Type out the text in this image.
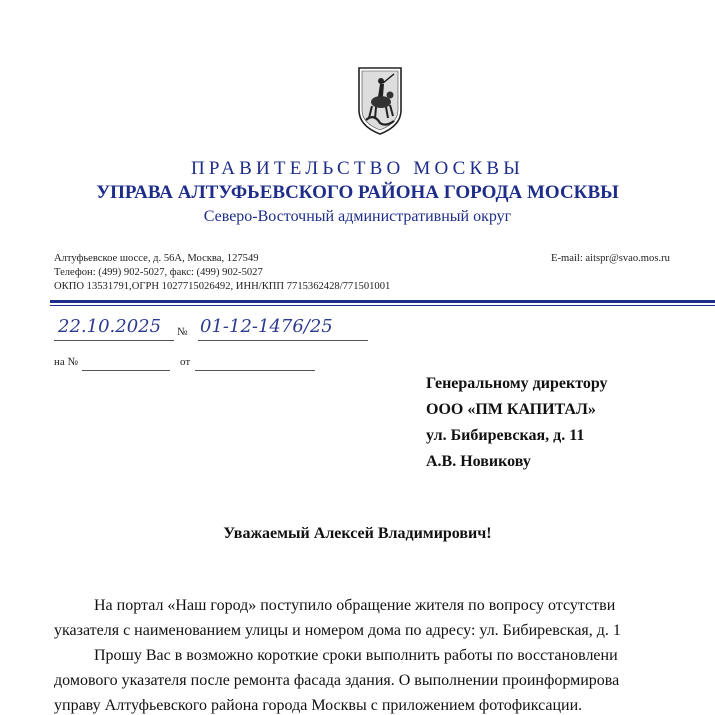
ПРАВИТЕЛЬСТВО МОСКВЫ
УПРАВА АЛТУФЬЕВСКОГО РАЙОНА ГОРОДА МОСКВЫ
Северо-Восточный административный округ
Алтуфьевское шоссе, д. 56А, Москва, 127549
Телефон: (499) 902-5027, факс: (499) 902-5027
ОКПО 13531791,ОГРН 1027715026492, ИНН/КПП 7715362428/771501001
E-mail: aitspr@svao.mos.ru
22.10.2025 № 01-12-1476/25
на №	от
Генеральному директору
ООО «ПМ КАПИТАЛ»
ул. Бибиревская, д. 11
А.В. Новикову
Уважаемый Алексей Владимирович!
На портал «Наш город» поступило обращение жителя по вопросу отсутстви
указателя с наименованием улицы и номером дома по адресу: ул. Бибиревская, д. 1
Прошу Вас в возможно короткие сроки выполнить работы по восстановлени
домового указателя после ремонта фасада здания. О выполнении проинформирова
управу Алтуфьевского района города Москвы с приложением фотофиксации.
